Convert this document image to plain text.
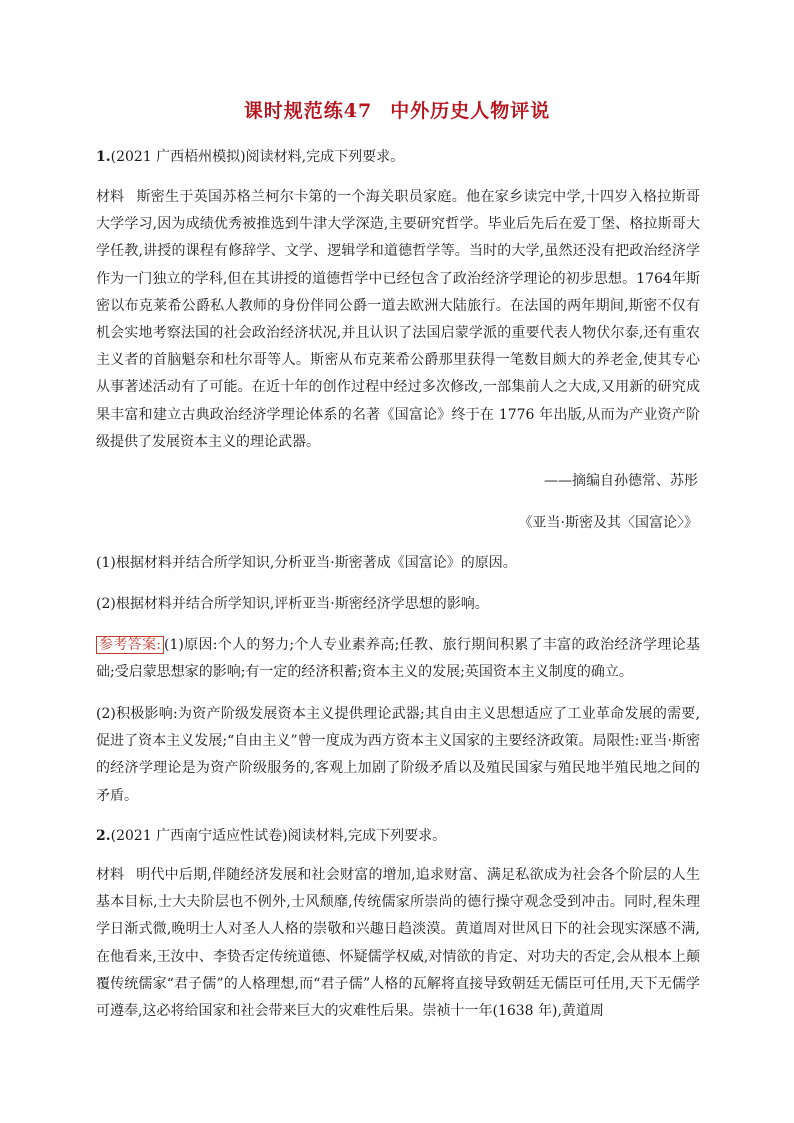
课时规范练47 中外历史人物评说

1.(2021 广西梧州模拟)阅读材料,完成下列要求。

材料 斯密生于英国苏格兰柯尔卡第的一个海关职员家庭。他在家乡读完中学,十四岁入格拉斯哥大学学习,因为成绩优秀被推选到牛津大学深造,主要研究哲学。毕业后先后在爱丁堡、格拉斯哥大学任教,讲授的课程有修辞学、文学、逻辑学和道德哲学等。当时的大学,虽然还没有把政治经济学作为一门独立的学科,但在其讲授的道德哲学中已经包含了政治经济学理论的初步思想。1764年斯密以布克莱希公爵私人教师的身份伴同公爵一道去欧洲大陆旅行。在法国的两年期间,斯密不仅有机会实地考察法国的社会政治经济状况,并且认识了法国启蒙学派的重要代表人物伏尔泰,还有重农主义者的首脑魁奈和杜尔哥等人。斯密从布克莱希公爵那里获得一笔数目颇大的养老金,使其专心从事著述活动有了可能。在近十年的创作过程中经过多次修改,一部集前人之大成,又用新的研究成果丰富和建立古典政治经济学理论体系的名著《国富论》终于在 1776 年出版,从而为产业资产阶级提供了发展资本主义的理论武器。

——摘编自孙德常、苏彤
《亚当·斯密及其〈国富论〉》

(1)根据材料并结合所学知识,分析亚当·斯密著成《国富论》的原因。

(2)根据材料并结合所学知识,评析亚当·斯密经济学思想的影响。

参考答案: (1)原因:个人的努力;个人专业素养高;任教、旅行期间积累了丰富的政治经济学理论基础;受启蒙思想家的影响;有一定的经济积蓄;资本主义的发展;英国资本主义制度的确立。

(2)积极影响:为资产阶级发展资本主义提供理论武器;其自由主义思想适应了工业革命发展的需要,促进了资本主义发展;“自由主义”曾一度成为西方资本主义国家的主要经济政策。局限性:亚当·斯密的经济学理论是为资产阶级服务的,客观上加剧了阶级矛盾以及殖民国家与殖民地半殖民地之间的矛盾。

2.(2021 广西南宁适应性试卷)阅读材料,完成下列要求。

材料 明代中后期,伴随经济发展和社会财富的增加,追求财富、满足私欲成为社会各个阶层的人生基本目标,士大夫阶层也不例外,士风颓靡,传统儒家所崇尚的德行操守观念受到冲击。同时,程朱理学日渐式微,晚明士人对圣人人格的崇敬和兴趣日趋淡漠。黄道周对世风日下的社会现实深感不满,在他看来,王汝中、李贽否定传统道德、怀疑儒学权威,对情欲的肯定、对功夫的否定,会从根本上颠覆传统儒家“君子儒”的人格理想,而“君子儒”人格的瓦解将直接导致朝廷无儒臣可任用,天下无儒学可遵奉,这必将给国家和社会带来巨大的灾难性后果。崇祯十一年(1638 年),黄道周
